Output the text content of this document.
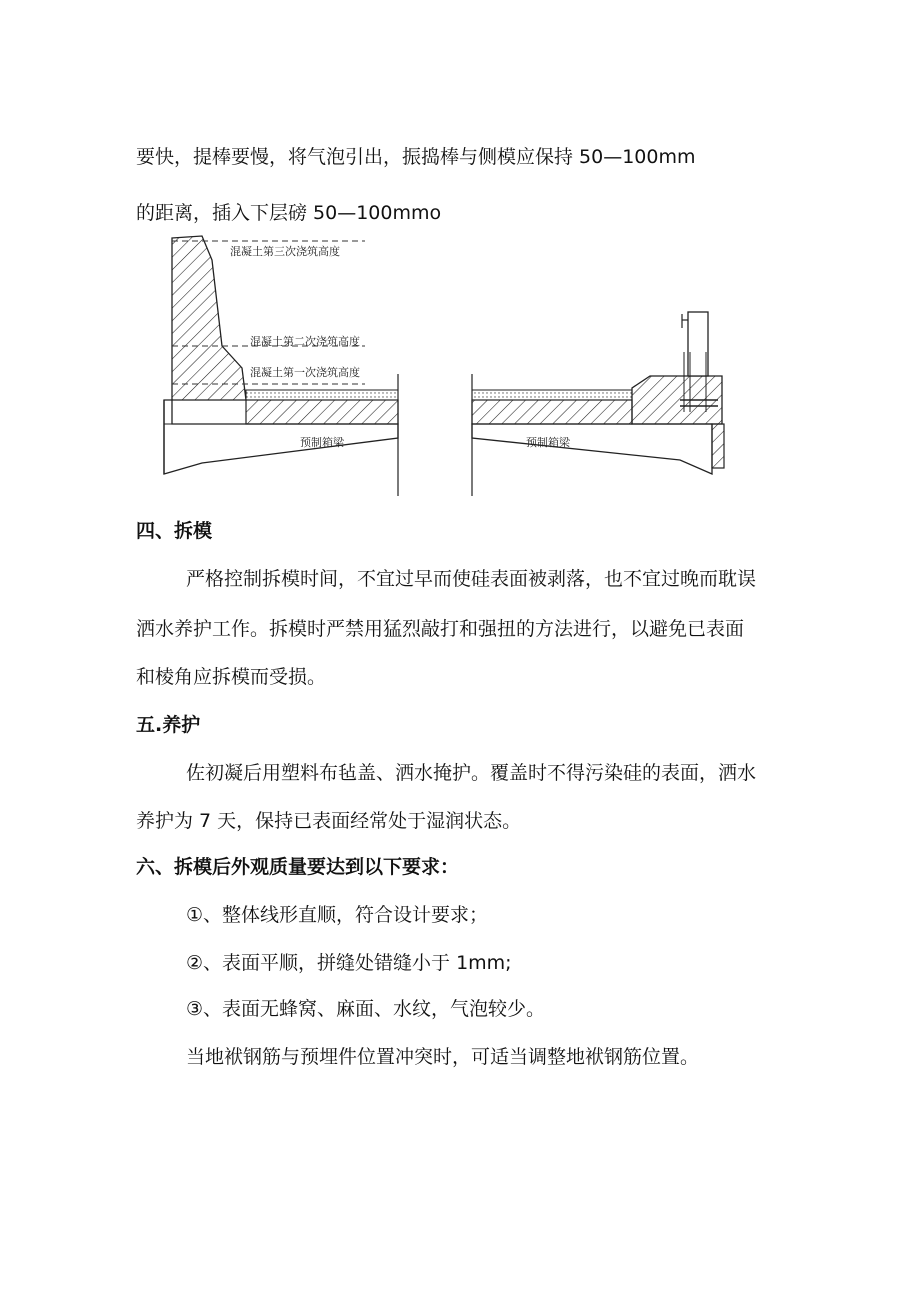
要快，提棒要慢，将气泡引出，振捣棒与侧模应保持 50—100mm
的距离，插入下层磅 50—100mmo
混凝土第三次浇筑高度
混凝土第二次浇筑高度
混凝土第一次浇筑高度
预制箱梁	预制箱梁
四、拆模
严格控制拆模时间，不宜过早而使硅表面被剥落，也不宜过晚而耽误
洒水养护工作。拆模时严禁用猛烈敲打和强扭的方法进行，以避免已表面
和棱角应拆模而受损。
五.养护
佐初凝后用塑料布毡盖、洒水掩护。覆盖时不得污染硅的表面，洒水
养护为 7 天，保持已表面经常处于湿润状态。
六、拆模后外观质量要达到以下要求：
①、整体线形直顺，符合设计要求；
②、表面平顺，拼缝处错缝小于 1mm;
③、表面无蜂窝、麻面、水纹，气泡较少。
当地袱钢筋与预埋件位置冲突时，可适当调整地袱钢筋位置。
